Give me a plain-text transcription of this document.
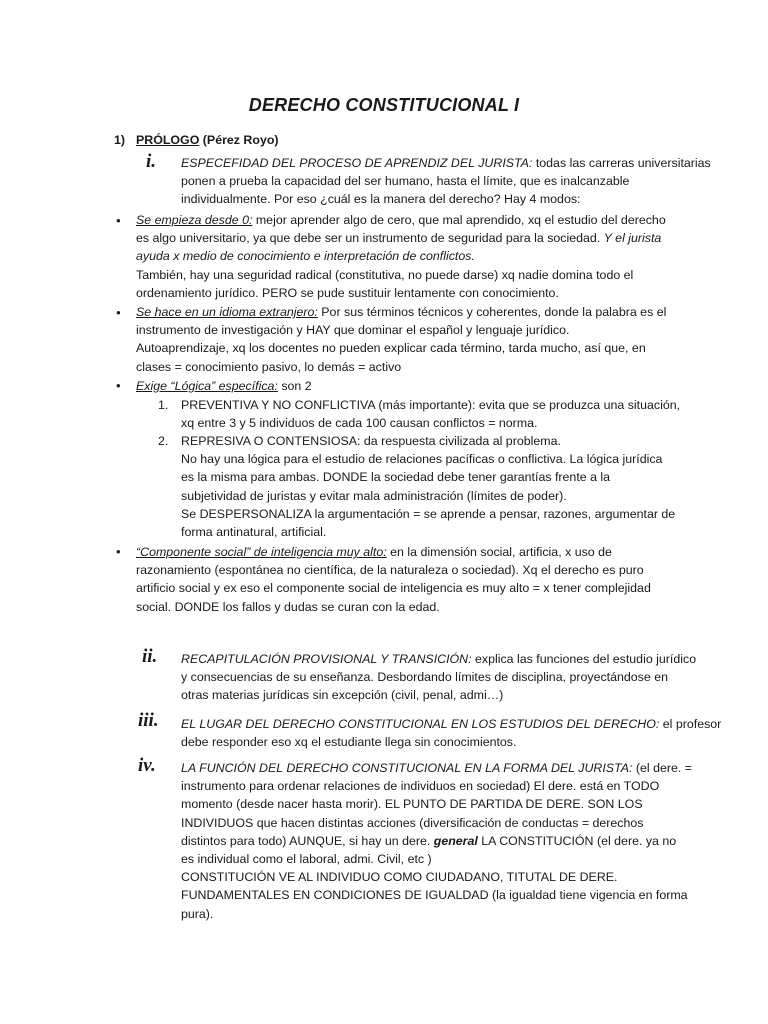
DERECHO CONSTITUCIONAL I
1) PRÓLOGO (Pérez Royo)
i. ESPECEFIDAD DEL PROCESO DE APRENDIZ DEL JURISTA: todas las carreras universitarias
ponen a prueba la capacidad del ser humano, hasta el límite, que es inalcanzable
individualmente. Por eso ¿cuál es la manera del derecho? Hay 4 modos:
• Se empieza desde 0: mejor aprender algo de cero, que mal aprendido, xq el estudio del derecho
es algo universitario, ya que debe ser un instrumento de seguridad para la sociedad. Y el jurista
ayuda x medio de conocimiento e interpretación de conflictos.
También, hay una seguridad radical (constitutiva, no puede darse) xq nadie domina todo el
ordenamiento jurídico. PERO se pude sustituir lentamente con conocimiento.
• Se hace en un idioma extranjero: Por sus términos técnicos y coherentes, donde la palabra es el
instrumento de investigación y HAY que dominar el español y lenguaje jurídico.
Autoaprendizaje, xq los docentes no pueden explicar cada término, tarda mucho, así que, en
clases = conocimiento pasivo, lo demás = activo
• Exige “Lógica” específica: son 2
1. PREVENTIVA Y NO CONFLICTIVA (más importante): evita que se produzca una situación,
xq entre 3 y 5 individuos de cada 100 causan conflictos = norma.
2. REPRESIVA O CONTENSIOSA: da respuesta civilizada al problema.
No hay una lógica para el estudio de relaciones pacíficas o conflictiva. La lógica jurídica
es la misma para ambas. DONDE la sociedad debe tener garantías frente a la
subjetividad de juristas y evitar mala administración (límites de poder).
Se DESPERSONALIZA la argumentación = se aprende a pensar, razones, argumentar de
forma antinatural, artificial.
• “Componente social” de inteligencia muy alto: en la dimensión social, artificia, x uso de
razonamiento (espontánea no científica, de la naturaleza o sociedad). Xq el derecho es puro
artificio social y ex eso el componente social de inteligencia es muy alto = x tener complejidad
social. DONDE los fallos y dudas se curan con la edad.
ii. RECAPITULACIÓN PROVISIONAL Y TRANSICIÓN: explica las funciones del estudio jurídico
y consecuencias de su enseñanza. Desbordando límites de disciplina, proyectándose en
otras materias jurídicas sin excepción (civil, penal, admi…)
iii. EL LUGAR DEL DERECHO CONSTITUCIONAL EN LOS ESTUDIOS DEL DERECHO: el profesor
debe responder eso xq el estudiante llega sin conocimientos.
iv. LA FUNCIÓN DEL DERECHO CONSTITUCIONAL EN LA FORMA DEL JURISTA: (el dere. =
instrumento para ordenar relaciones de individuos en sociedad) El dere. está en TODO
momento (desde nacer hasta morir). EL PUNTO DE PARTIDA DE DERE. SON LOS
INDIVIDUOS que hacen distintas acciones (diversificación de conductas = derechos
distintos para todo) AUNQUE, si hay un dere. general LA CONSTITUCIÓN (el dere. ya no
es individual como el laboral, admi. Civil, etc )
CONSTITUCIÓN VE AL INDIVIDUO COMO CIUDADANO, TITUTAL DE DERE.
FUNDAMENTALES EN CONDICIONES DE IGUALDAD (la igualdad tiene vigencia en forma
pura).
